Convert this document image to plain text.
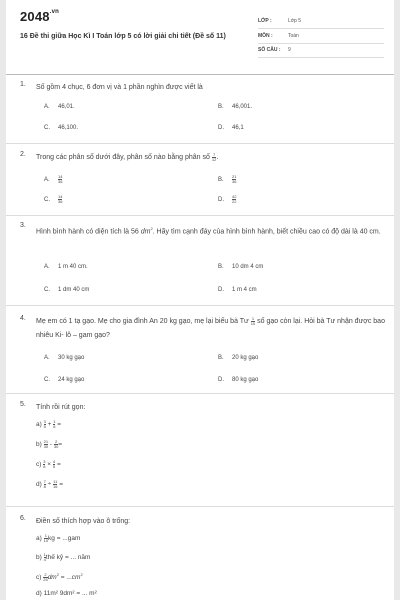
$2048^{.vn}$
16 Đề thi giữa Học Kì I Toán lớp 5 có lời giải chi tiết (Đề số 11)
LỚP :	Lớp 5
MÔN :	Toán
SỐ CÂU : 9
1. Số gồm 4 chục, 6 đơn vị và 1 phần nghìn được viết là
A. 46,01.	B. 46,001.
C. 46,100.	D. 46,1
2. Trong các phân số dưới đây, phân số nào bằng phân số $\frac{7}{12}$ .
A. $\frac{14}{36}$	B. $\frac{21}{36}$
C. $\frac{14}{36}$	D. $\frac{42}{22}$
3.
Hình bình hành có diện tích là 56 $dm^2$. Hãy tìm cạnh đáy của hình bình hành, biết chiều cao có độ dài là 40 cm.
A. 1 m 40 cm.	B. 10 dm 4 cm
C. 1 dm 40 cm	D. 1 m 4 cm
4. Mẹ em có 1 tạ gạo. Mẹ cho gia đình An 20 kg gạo, mẹ lại biếu bà Tư $\frac{1}{10}$ số gạo còn lại. Hỏi bà Tư nhận được bao nhiêu Ki- lô – gam gạo?
A. 30 kg gạo	B. 20 kg gạo
C. 24 kg gạo	D. 80 kg gạo
5. Tính rồi rút gọn:
$a) \frac{3}{5} + \frac{1}{6}$ =
$b) \frac{21}{30} - \frac{2}{30}$ =
$c) \frac{3}{8} \times \frac{4}{5}$ =
$d) \frac{7}{8} \div \frac{11}{16}$ =
6. Điền số thích hợp vào ô trống:
$a) \frac{1}{10}$ kg = ...gam
$b) \frac{1}{4}$ thế kỷ = ... năm
$c) \frac{2}{25} dm^2 = ...cm^2$
d) 11m² 9dm² = ... m²
